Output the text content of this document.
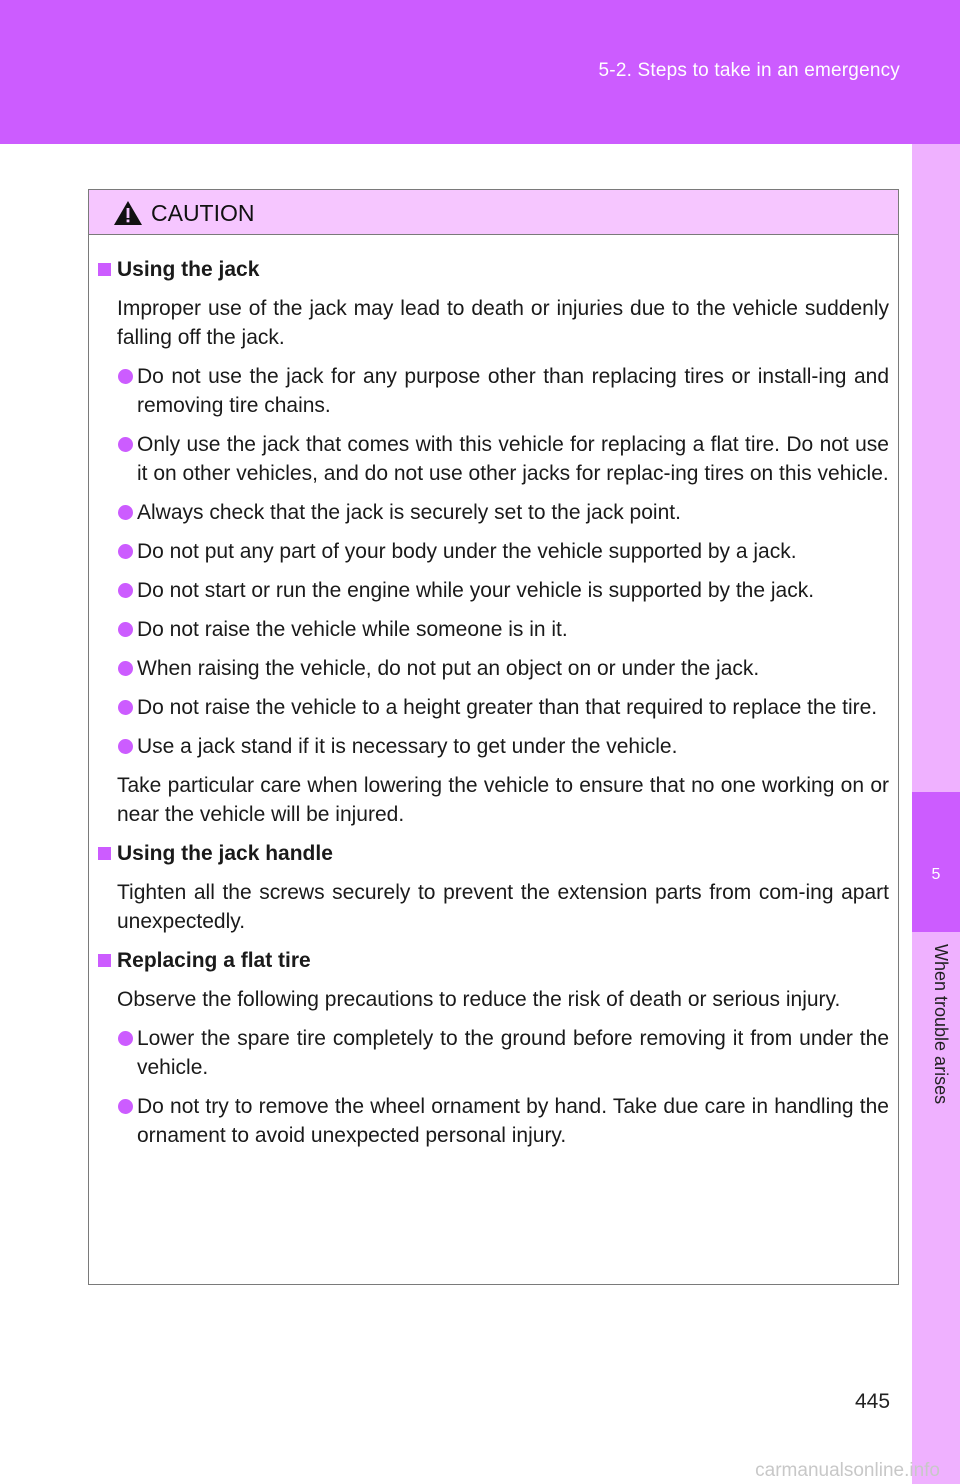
5-2. Steps to take in an emergency
5
When trouble arises
CAUTION
Using the jack

Improper use of the jack may lead to death or injuries due to the vehicle suddenly falling off the jack.

Do not use the jack for any purpose other than replacing tires or install-ing and removing tire chains.
Only use the jack that comes with this vehicle for replacing a flat tire. Do not use it on other vehicles, and do not use other jacks for replac-ing tires on this vehicle.
Always check that the jack is securely set to the jack point.
Do not put any part of your body under the vehicle supported by a jack.
Do not start or run the engine while your vehicle is supported by the jack.
Do not raise the vehicle while someone is in it.
When raising the vehicle, do not put an object on or under the jack.
Do not raise the vehicle to a height greater than that required to replace the tire.
Use a jack stand if it is necessary to get under the vehicle.

Take particular care when lowering the vehicle to ensure that no one working on or near the vehicle will be injured.

Using the jack handle

Tighten all the screws securely to prevent the extension parts from com-ing apart unexpectedly.

Replacing a flat tire

Observe the following precautions to reduce the risk of death or serious injury.

Lower the spare tire completely to the ground before removing it from under the vehicle.
Do not try to remove the wheel ornament by hand. Take due care in handling the ornament to avoid unexpected personal injury.
445
carmanualsonline.info
